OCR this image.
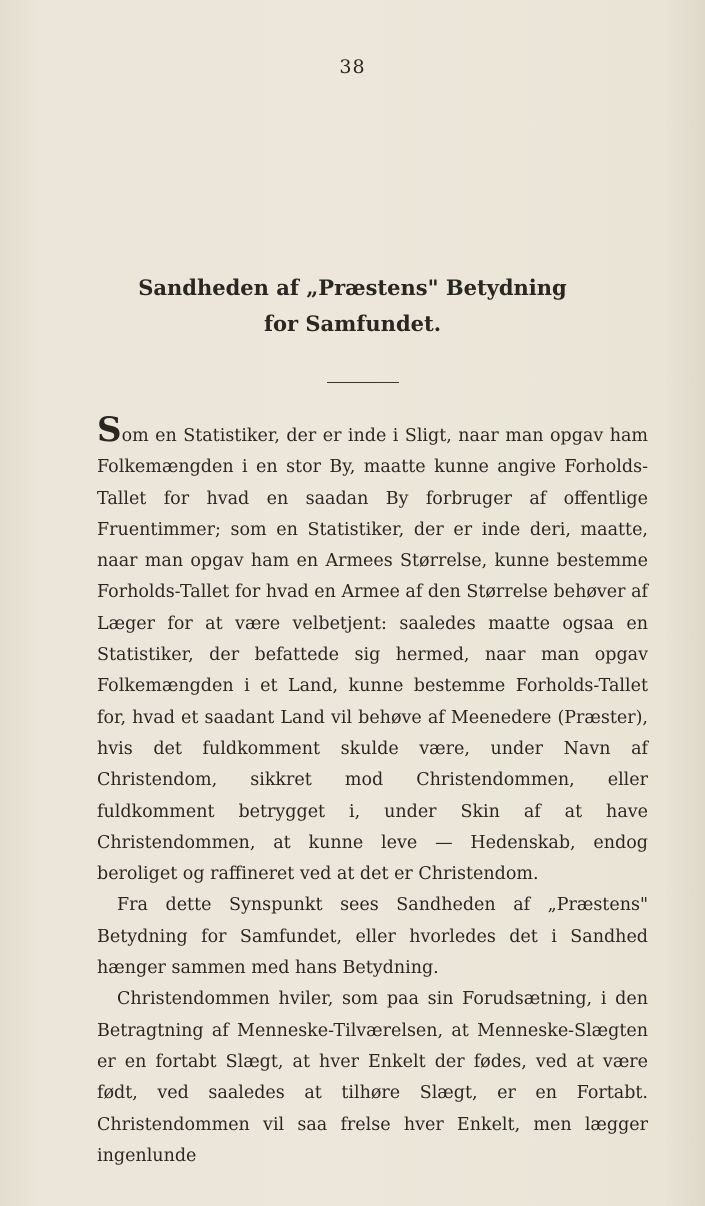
38
Sandheden af „Præstens" Betydning
for Samfundet.

Som en Statistiker, der er inde i Sligt, naar man opgav ham Folkemængden i en stor By, maatte kunne angive Forholds-Tallet for hvad en saadan By forbruger af offentlige Fruentimmer; som en Statistiker, der er inde deri, maatte, naar man opgav ham en Armees Størrelse, kunne bestemme Forholds-Tallet for hvad en Armee af den Størrelse behøver af Læger for at være velbetjent: saaledes maatte ogsaa en Statistiker, der befattede sig hermed, naar man opgav Folkemængden i et Land, kunne bestemme Forholds-Tallet for, hvad et saadant Land vil behøve af Meenedere (Præster), hvis det fuldkomment skulde være, under Navn af Christendom, sikkret mod Christendommen, eller fuldkomment betrygget i, under Skin af at have Christendommen, at kunne leve — Hedenskab, endog beroliget og raffineret ved at det er Christendom.

Fra dette Synspunkt sees Sandheden af „Præstens" Betydning for Samfundet, eller hvorledes det i Sandhed hænger sammen med hans Betydning.

Christendommen hviler, som paa sin Forudsætning, i den Betragtning af Menneske-Tilværelsen, at Menneske-Slægten er en fortabt Slægt, at hver Enkelt der fødes, ved at være født, ved saaledes at tilhøre Slægt, er en Fortabt. Christendommen vil saa frelse hver Enkelt, men lægger ingenlunde
